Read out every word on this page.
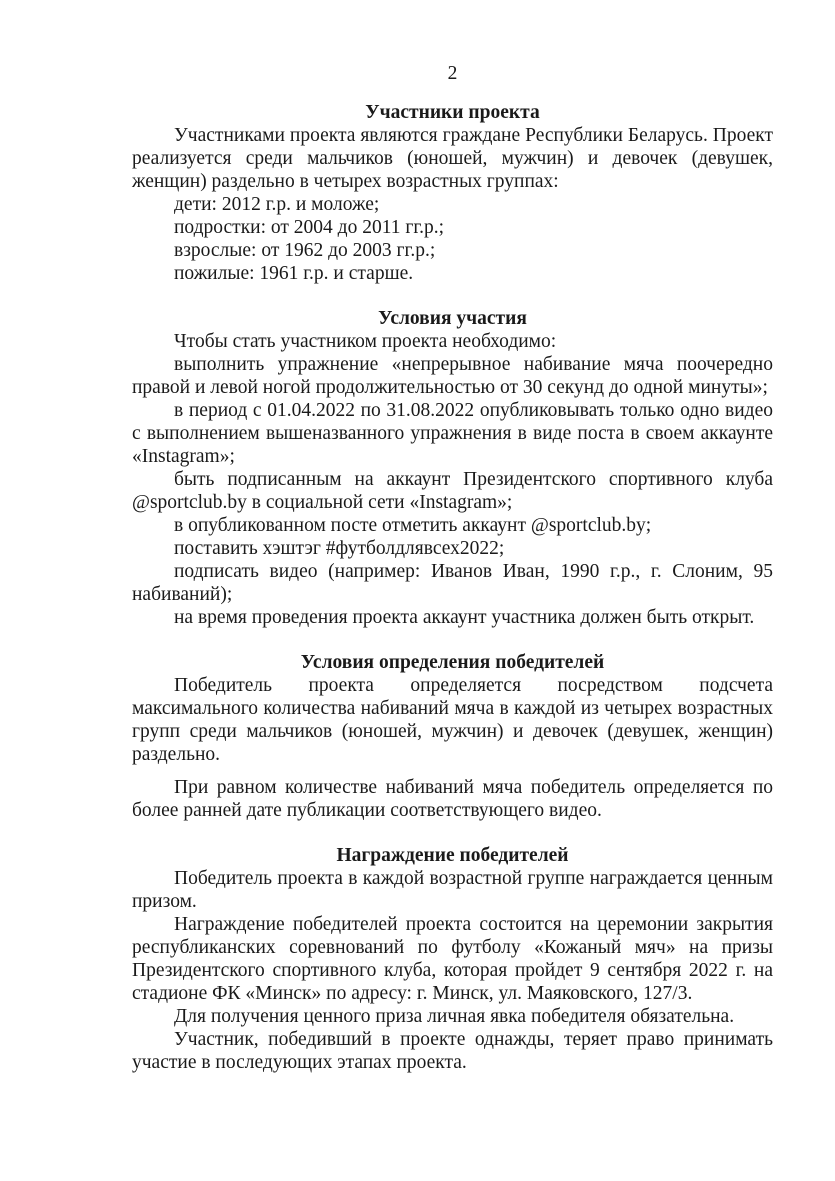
2
Участники проекта

Участниками проекта являются граждане Республики Беларусь. Проект реализуется среди мальчиков (юношей, мужчин) и девочек (девушек, женщин) раздельно в четырех возрастных группах:

дети: 2012 г.р. и моложе;

подростки: от 2004 до 2011 гг.р.;

взрослые: от 1962 до 2003 гг.р.;

пожилые: 1961 г.р. и старше.

Условия участия

Чтобы стать участником проекта необходимо:

выполнить упражнение «непрерывное набивание мяча поочередно правой и левой ногой продолжительностью от 30 секунд до одной минуты»;

в период с 01.04.2022 по 31.08.2022 опубликовывать только одно видео с выполнением вышеназванного упражнения в виде поста в своем аккаунте «Instagram»;

быть подписанным на аккаунт Президентского спортивного клуба @sportclub.by в социальной сети «Instagram»;

в опубликованном посте отметить аккаунт @sportclub.by;

поставить хэштэг #футболдлявсех2022;

подписать видео (например: Иванов Иван, 1990 г.р., г. Слоним, 95 набиваний);

на время проведения проекта аккаунт участника должен быть открыт.

Условия определения победителей

Победитель проекта определяется посредством подсчета максимального количества набиваний мяча в каждой из четырех возрастных групп среди мальчиков (юношей, мужчин) и девочек (девушек, женщин) раздельно.

При равном количестве набиваний мяча победитель определяется по более ранней дате публикации соответствующего видео.

Награждение победителей

Победитель проекта в каждой возрастной группе награждается ценным призом.

Награждение победителей проекта состоится на церемонии закрытия республиканских соревнований по футболу «Кожаный мяч» на призы Президентского спортивного клуба, которая пройдет 9 сентября 2022 г. на стадионе ФК «Минск» по адресу: г. Минск, ул. Маяковского, 127/3.

Для получения ценного приза личная явка победителя обязательна.

Участник, победивший в проекте однажды, теряет право принимать участие в последующих этапах проекта.
